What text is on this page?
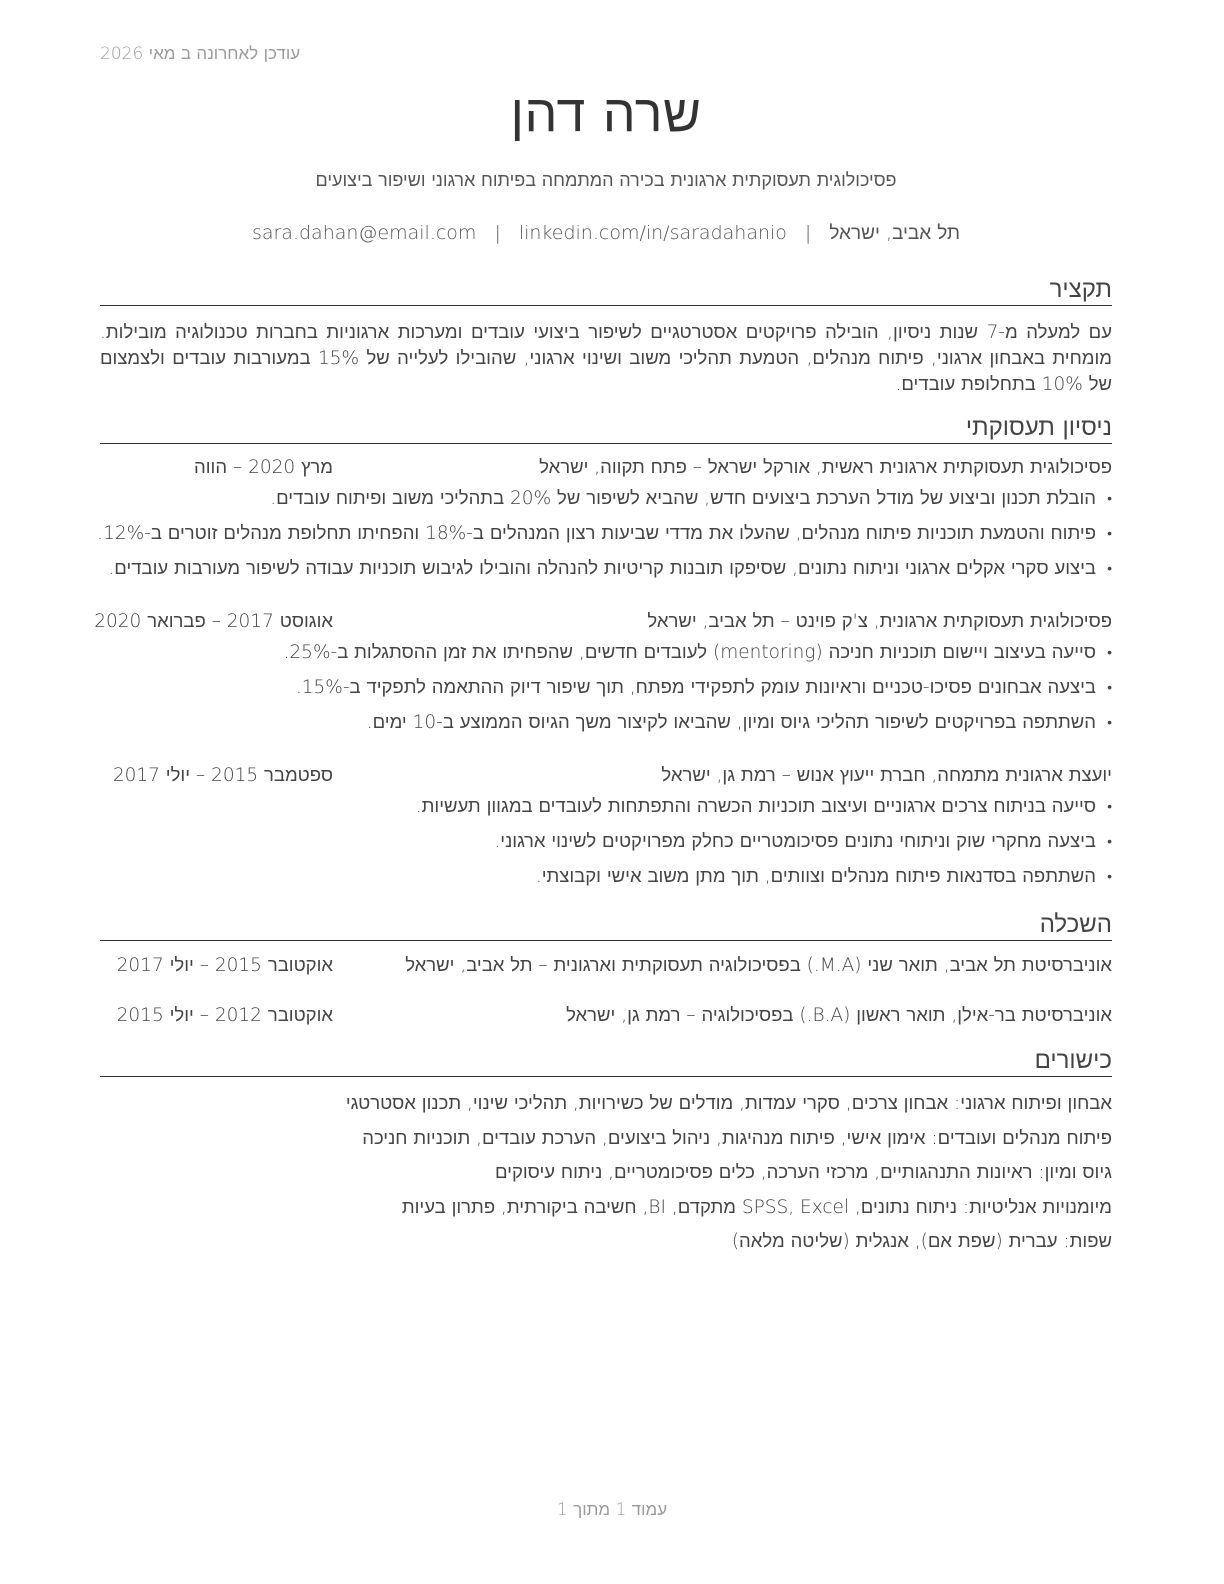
עודכן לאחרונה ב מאי 2026
שרה דהן
פסיכולוגית תעסוקתית ארגונית בכירה המתמחה בפיתוח ארגוני ושיפור ביצועים
תל אביב, ישראל|sara.dahan@email.com | linkedin.com/in/saradahanio
תקציר
עם למעלה מ-7 שנות ניסיון, הובילה פרויקטים אסטרטגיים לשיפור ביצועי עובדים ומערכות ארגוניות בחברות טכנולוגיה מובילות. מומחית באבחון ארגוני, פיתוח מנהלים, הטמעת תהליכי משוב ושינוי ארגוני, שהובילו לעלייה של 15% במעורבות עובדים ולצמצום של 10% בתחלופת עובדים.
ניסיון תעסוקתי
פסיכולוגית תעסוקתית ארגונית ראשית, אורקל ישראל – פתח תקווה, ישראל
מרץ 2020 – הווה
• הובלת תכנון וביצוע של מודל הערכת ביצועים חדש, שהביא לשיפור של 20% בתהליכי משוב ופיתוח עובדים.
• פיתוח והטמעת תוכניות פיתוח מנהלים, שהעלו את מדדי שביעות רצון המנהלים ב-18% והפחיתו תחלופת מנהלים זוטרים ב-12%.
• ביצוע סקרי אקלים ארגוני וניתוח נתונים, שסיפקו תובנות קריטיות להנהלה והובילו לגיבוש תוכניות עבודה לשיפור מעורבות עובדים.
פסיכולוגית תעסוקתית ארגונית, צ'ק פוינט – תל אביב, ישראל
אוגוסט 2017 – פברואר 2020
• סייעה בעיצוב ויישום תוכניות חניכה (mentoring) לעובדים חדשים, שהפחיתו את זמן ההסתגלות ב-25%.
• ביצעה אבחונים פסיכו-טכניים וראיונות עומק לתפקידי מפתח, תוך שיפור דיוק ההתאמה לתפקיד ב-15%.
• השתתפה בפרויקטים לשיפור תהליכי גיוס ומיון, שהביאו לקיצור משך הגיוס הממוצע ב-10 ימים.
יועצת ארגונית מתמחה, חברת ייעוץ אנוש – רמת גן, ישראל
ספטמבר 2015 – יולי 2017
• סייעה בניתוח צרכים ארגוניים ועיצוב תוכניות הכשרה והתפתחות לעובדים במגוון תעשיות.
• ביצעה מחקרי שוק וניתוחי נתונים פסיכומטריים כחלק מפרויקטים לשינוי ארגוני.
• השתתפה בסדנאות פיתוח מנהלים וצוותים, תוך מתן משוב אישי וקבוצתי.
השכלה
אוניברסיטת תל אביב, תואר שני (M.A.) בפסיכולוגיה תעסוקתית וארגונית – תל אביב, ישראל
אוקטובר 2015 – יולי 2017
אוניברסיטת בר-אילן, תואר ראשון (B.A.) בפסיכולוגיה – רמת גן, ישראל
אוקטובר 2012 – יולי 2015
כישורים
אבחון ופיתוח ארגוני: אבחון צרכים, סקרי עמדות, מודלים של כשירויות, תהליכי שינוי, תכנון אסטרטגי
פיתוח מנהלים ועובדים: אימון אישי, פיתוח מנהיגות, ניהול ביצועים, הערכת עובדים, תוכניות חניכה
גיוס ומיון: ראיונות התנהגותיים, מרכזי הערכה, כלים פסיכומטריים, ניתוח עיסוקים
מיומנויות אנליטיות: ניתוח נתונים, SPSS, Excel מתקדם, BI, חשיבה ביקורתית, פתרון בעיות
שפות: עברית (שפת אם), אנגלית (שליטה מלאה)
עמוד 1 מתוך 1
